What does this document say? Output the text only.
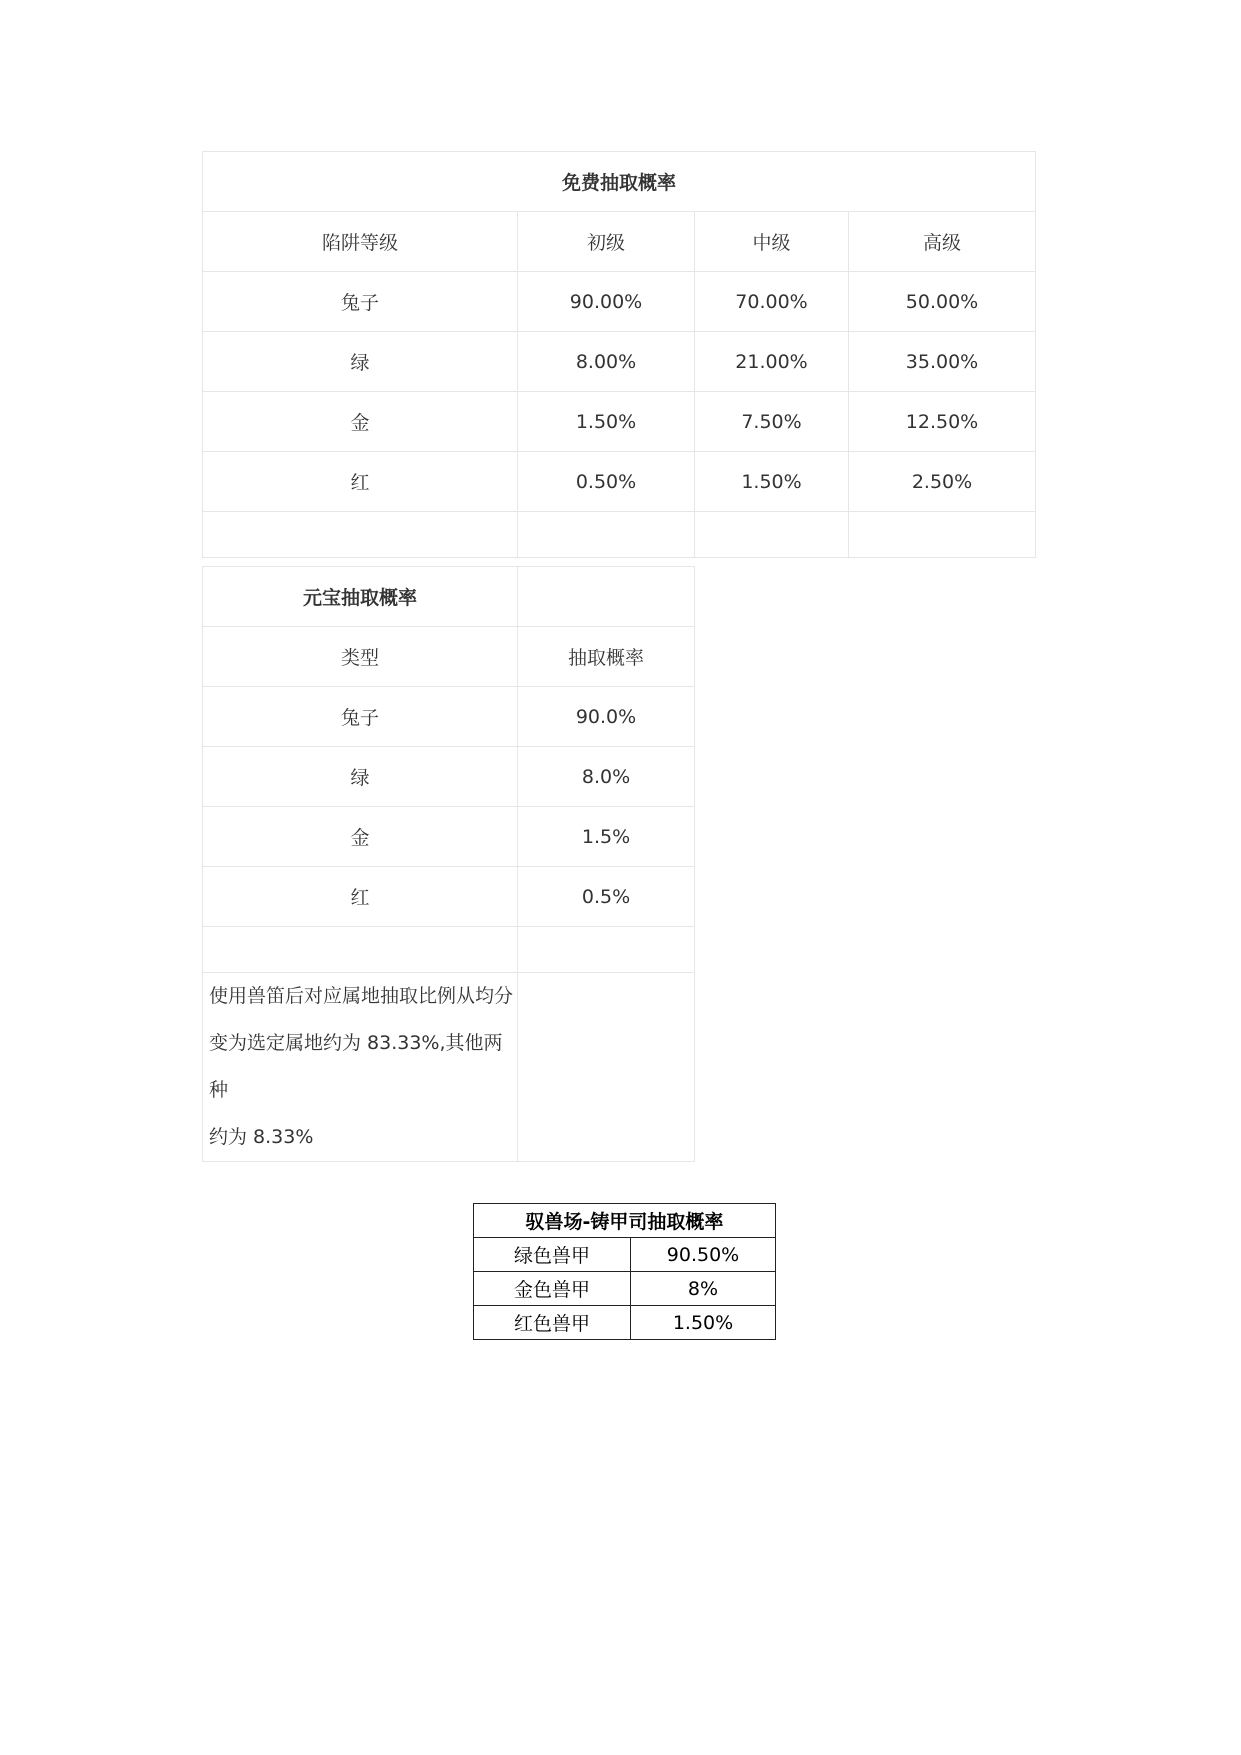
免费抽取概率			
陷阱等级	初级	中级	高级
兔子	90.00%	70.00%	50.00%
绿	8.00%	21.00%	35.00%
金	1.50%	7.50%	12.50%
红	0.50%	1.50%	2.50%

元宝抽取概率	
类型	抽取概率
兔子	90.0%
绿	8.0%
金	1.5%
红	0.5%

使用兽笛后对应属地抽取比例从均分
变为选定属地约为 83.33%,其他两种
约为 8.33%	

驭兽场-铸甲司抽取概率	
绿色兽甲	90.50%
金色兽甲	8%
红色兽甲	1.50%
